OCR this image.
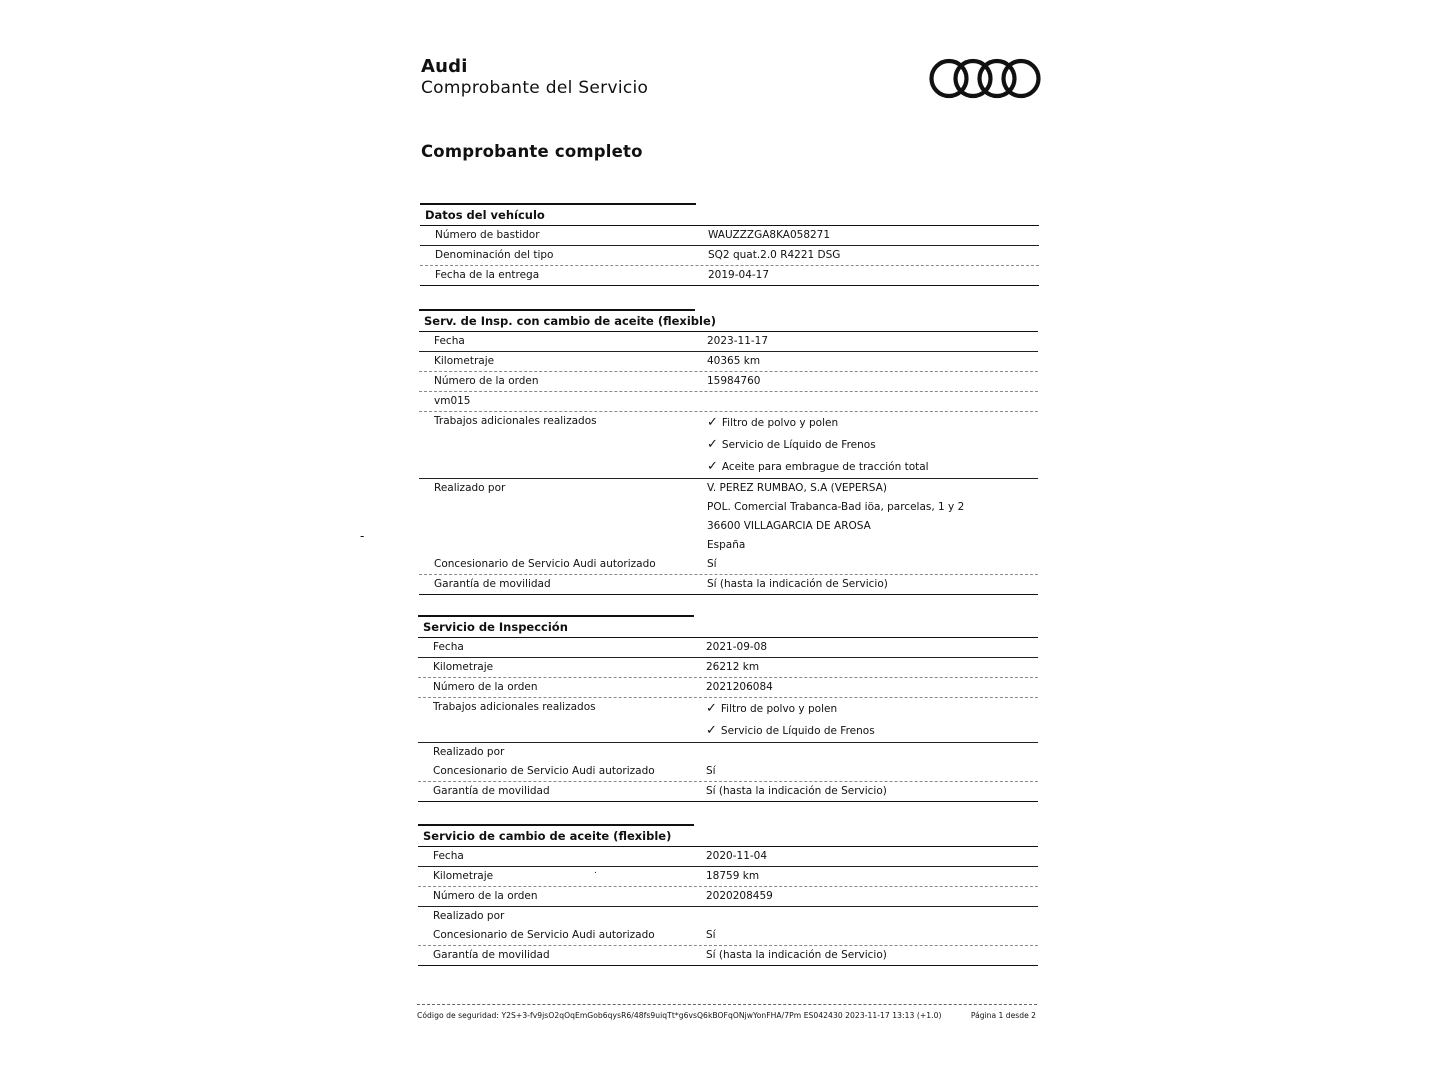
Audi
Comprobante del Servicio
Comprobante completo
-
.
Datos del vehículo
Número de bastidor	WAUZZZGA8KA058271
Denominación del tipo	SQ2 quat.2.0 R4221 DSG
Fecha de la entrega	2019-04-17
Serv. de Insp. con cambio de aceite (flexible)
Fecha	2023-11-17
Kilometraje	40365 km
Número de la orden	15984760
vm015
Trabajos adicionales realizados	✓ Filtro de polvo y polen
✓ Servicio de Líquido de Frenos
✓ Aceite para embrague de tracción total
Realizado por	V. PEREZ RUMBAO, S.A (VEPERSA)
POL. Comercial Trabanca-Bad iöa, parcelas, 1 y 2
36600 VILLAGARCIA DE AROSA
España
Concesionario de Servicio Audi autorizado	Sí
Garantía de movilidad	Sí (hasta la indicación de Servicio)
Servicio de Inspección
Fecha	2021-09-08
Kilometraje	26212 km
Número de la orden	2021206084
Trabajos adicionales realizados	✓ Filtro de polvo y polen
✓ Servicio de Líquido de Frenos
Realizado por
Concesionario de Servicio Audi autorizado	Sí
Garantía de movilidad	Sí (hasta la indicación de Servicio)
Servicio de cambio de aceite (flexible)
Fecha	2020-11-04
Kilometraje	18759 km
Número de la orden	2020208459
Realizado por
Concesionario de Servicio Audi autorizado	Sí
Garantía de movilidad	Sí (hasta la indicación de Servicio)
Código de seguridad: Y2S+3-fv9jsO2qOqEmGob6qysR6/48fs9uiqTt*g6vsQ6kBOFqONjwYonFHA/7Pm ES042430 2023-11-17 13:13 (+1.0)	Página 1 desde 2
